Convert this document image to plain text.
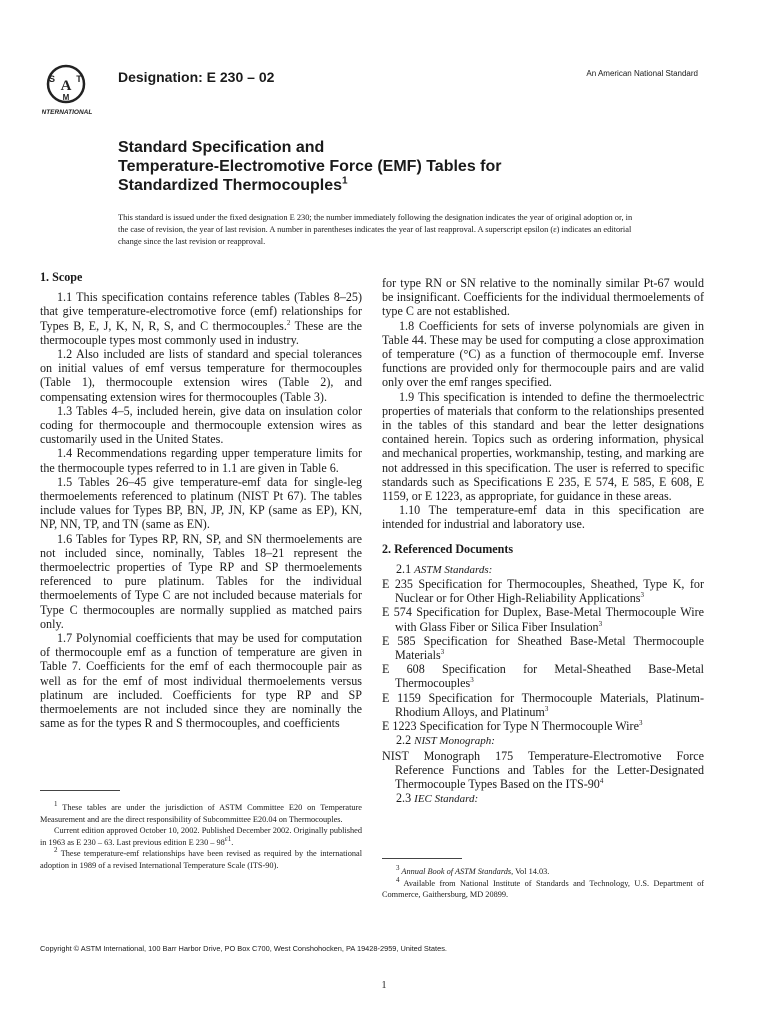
A
S T
M
INTERNATIONAL
Designation: E 230 – 02	An American National Standard
Standard Specification and
Temperature-Electromotive Force (EMF) Tables for
Standardized Thermocouples$^1$
This standard is issued under the fixed designation E 230; the number immediately following the designation indicates the year of original adoption or, in the case of revision, the year of last revision. A number in parentheses indicates the year of last reapproval. A superscript epsilon (ε) indicates an editorial change since the last revision or reapproval.
1. Scope

1.1 This specification contains reference tables (Tables 8–25) that give temperature-electromotive force (emf) relationships for Types B, E, J, K, N, R, S, and C thermocouples.$^2$ These are the thermocouple types most commonly used in industry.

1.2 Also included are lists of standard and special tolerances on initial values of emf versus temperature for thermocouples (Table 1), thermocouple extension wires (Table 2), and compensating extension wires for thermocouples (Table 3).

1.3 Tables 4–5, included herein, give data on insulation color coding for thermocouple and thermocouple extension wires as customarily used in the United States.

1.4 Recommendations regarding upper temperature limits for the thermocouple types referred to in 1.1 are given in Table 6.

1.5 Tables 26–45 give temperature-emf data for single-leg thermoelements referenced to platinum (NIST Pt 67). The tables include values for Types BP, BN, JP, JN, KP (same as EP), KN, NP, NN, TP, and TN (same as EN).

1.6 Tables for Types RP, RN, SP, and SN thermoelements are not included since, nominally, Tables 18–21 represent the thermoelectric properties of Type RP and SP thermoelements referenced to pure platinum. Tables for the individual thermoelements of Type C are not included because materials for Type C thermocouples are normally supplied as matched pairs only.

1.7 Polynomial coefficients that may be used for computation of thermocouple emf as a function of temperature are given in Table 7. Coefficients for the emf of each thermocouple pair as well as for the emf of most individual thermoelements versus platinum are included. Coefficients for type RP and SP thermoelements are not included since they are nominally the same as for the types R and S thermocouples, and coefficients

for type RN or SN relative to the nominally similar Pt-67 would be insignificant. Coefficients for the individual thermoelements of type C are not established.

1.8 Coefficients for sets of inverse polynomials are given in Table 44. These may be used for computing a close approximation of temperature (°C) as a function of thermocouple emf. Inverse functions are provided only for thermocouple pairs and are valid only over the emf ranges specified.

1.9 This specification is intended to define the thermoelectric properties of materials that conform to the relationships presented in the tables of this standard and bear the letter designations contained herein. Topics such as ordering information, physical and mechanical properties, workmanship, testing, and marking are not addressed in this specification. The user is referred to specific standards such as Specifications E 235, E 574, E 585, E 608, E 1159, or E 1223, as appropriate, for guidance in these areas.

1.10 The temperature-emf data in this specification are intended for industrial and laboratory use.

2. Referenced Documents
2.1 ASTM Standards:
E 235 Specification for Thermocouples, Sheathed, Type K, for Nuclear or for Other High-Reliability Applications$^3$
E 574 Specification for Duplex, Base-Metal Thermocouple Wire with Glass Fiber or Silica Fiber Insulation$^3$
E 585 Specification for Sheathed Base-Metal Thermocouple Materials$^3$
E 608 Specification for Metal-Sheathed Base-Metal Thermocouples$^3$
E 1159 Specification for Thermocouple Materials, Platinum-Rhodium Alloys, and Platinum$^3$
E 1223 Specification for Type N Thermocouple Wire$^3$
2.2 NIST Monograph:
NIST Monograph 175 Temperature-Electromotive Force Reference Functions and Tables for the Letter-Designated Thermocouple Types Based on the ITS-$90^4$
2.3 IEC Standard:

$^1$ These tables are under the jurisdiction of ASTM Committee E20 on Temperature Measurement and are the direct responsibility of Subcommittee E20.04 on Thermocouples.

Current edition approved October 10, 2002. Published December 2002. Originally published in 1963 as E 230 – 63. Last previous edition E $230 - 98^{\varepsilon 1}$.

$^2$ These temperature-emf relationships have been revised as required by the international adoption in 1989 of a revised International Temperature Scale (ITS-90).	$^3$ Annual Book of ASTM Standards, Vol 14.03.

$^4$ Available from National Institute of Standards and Technology, U.S. Department of Commerce, Gaithersburg, MD 20899.

Copyright © ASTM International, 100 Barr Harbor Drive, PO Box C700, West Conshohocken, PA 19428-2959, United States.
1
